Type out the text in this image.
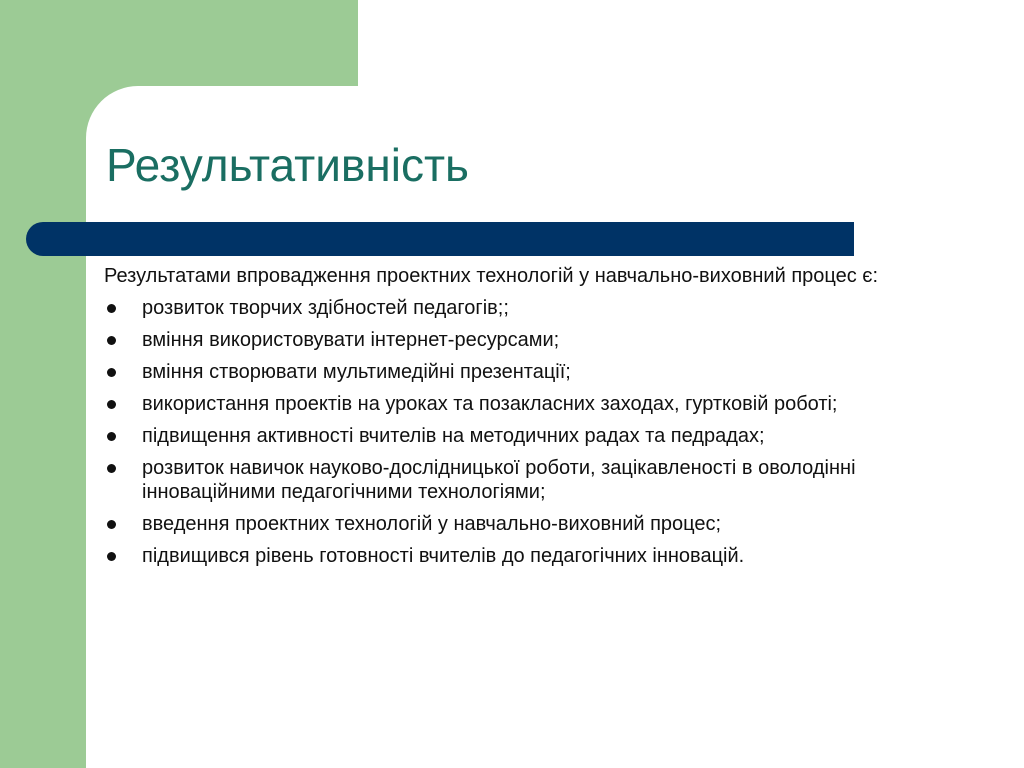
Результативність

Результатами впровадження проектних технологій у навчально-виховний процес є:

розвиток творчих здібностей педагогів;;
вміння використовувати інтернет-ресурсами;
вміння створювати мультимедійні презентації;
використання проектів на уроках та позакласних заходах, гуртковій роботі;
підвищення активності вчителів на методичних радах та педрадах;
розвиток навичок науково-дослідницької роботи, зацікавленості в оволодінні інноваційними педагогічними технологіями;
введення проектних технологій у навчально-виховний процес;
підвищився рівень готовності вчителів до педагогічних інновацій.
